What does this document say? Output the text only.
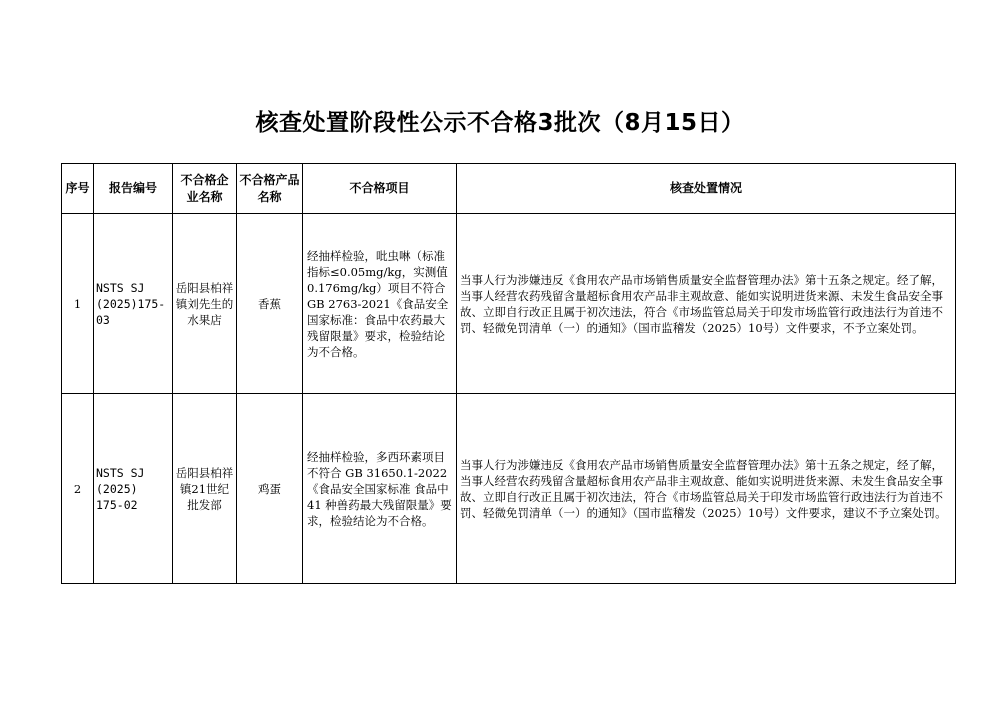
核查处置阶段性公示不合格3批次（8月15日）
序号	报告编号	不合格企业名称	不合格产品名称	不合格项目	核查处置情况
1	NSTS SJ (2025)175-03	岳阳县柏祥镇刘先生的水果店	香蕉	经抽样检验，吡虫啉（标准指标≤0.05mg/kg，实测值0.176mg/kg）项目不符合GB 2763-2021《食品安全国家标准：食品中农药最大残留限量》要求，检验结论为不合格。	当事人行为涉嫌违反《食用农产品市场销售质量安全监督管理办法》第十五条之规定。经了解，当事人经营农药残留含量超标食用农产品非主观故意、能如实说明进货来源、未发生食品安全事故、立即自行改正且属于初次违法，符合《市场监管总局关于印发市场监管行政违法行为首违不罚、轻微免罚清单（一）的通知》（国市监稽发（2025）10号）文件要求，不予立案处罚。
2	NSTS SJ (2025) 175-02	岳阳县柏祥镇21世纪批发部	鸡蛋	经抽样检验，多西环素项目不符合 GB 31650.1-2022《食品安全国家标准 食品中 41 种兽药最大残留限量》要求，检验结论为不合格。	当事人行为涉嫌违反《食用农产品市场销售质量安全监督管理办法》第十五条之规定，经了解，当事人经营农药残留含量超标食用农产品非主观故意、能如实说明进货来源、未发生食品安全事故、立即自行改正且属于初次违法，符合《市场监管总局关于印发市场监管行政违法行为首违不罚、轻微免罚清单（一）的通知》（国市监稽发（2025）10号）文件要求，建议不予立案处罚。
